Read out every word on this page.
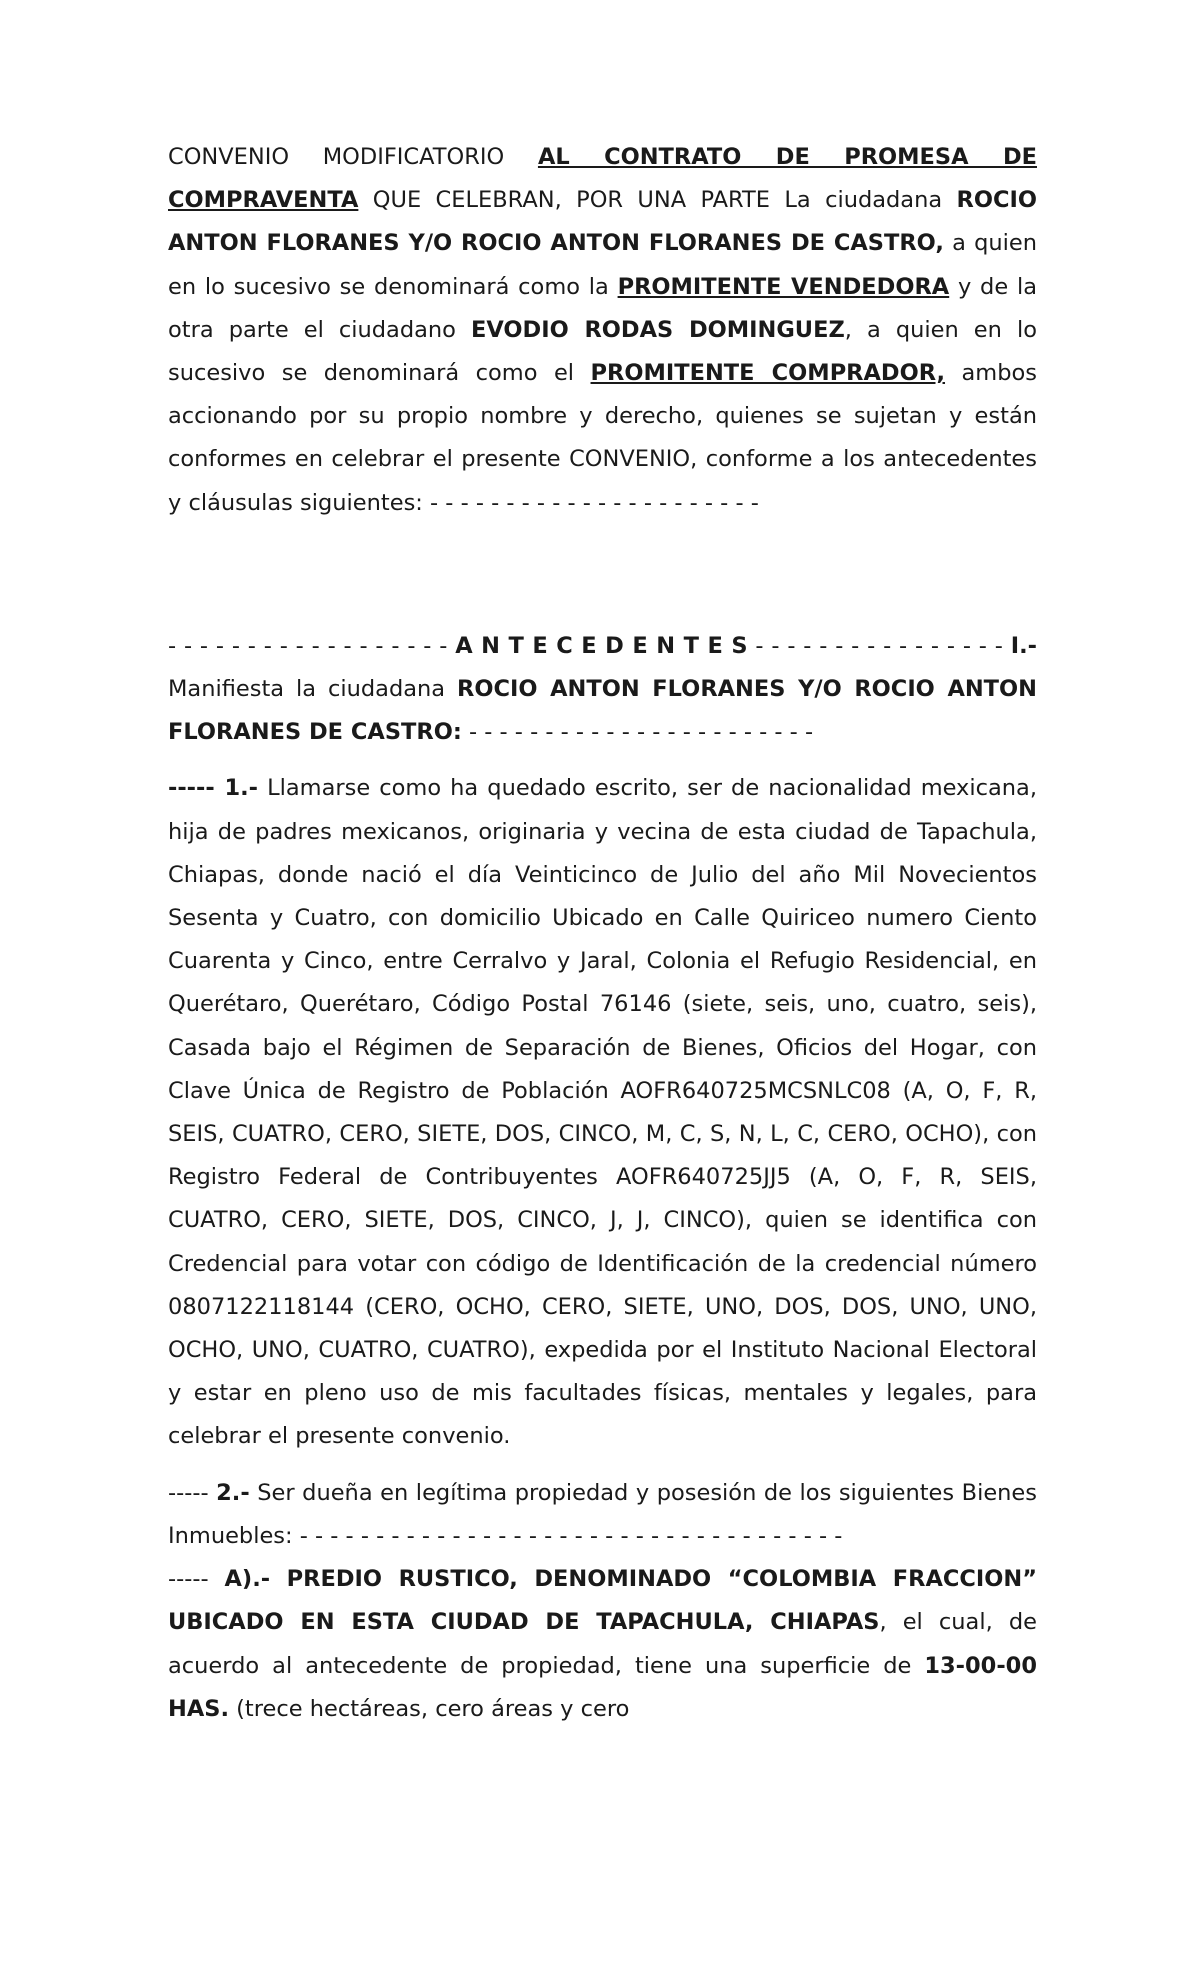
CONVENIO MODIFICATORIO AL CONTRATO DE PROMESA DE COMPRAVENTA QUE CELEBRAN, POR UNA PARTE La ciudadana ROCIO ANTON FLORANES Y/O ROCIO ANTON FLORANES DE CASTRO, a quien en lo sucesivo se denominará como la PROMITENTE VENDEDORA y de la otra parte el ciudadano EVODIO RODAS DOMINGUEZ, a quien en lo sucesivo se denominará como el PROMITENTE COMPRADOR, ambos accionando por su propio nombre y derecho, quienes se sujetan y están conformes en celebrar el presente CONVENIO, conforme a los antecedentes y cláusulas siguientes: - - - - - - - - - - - - - - - - - - - - - -

- - - - - - - - - - - - - - - - - - A N T E C E D E N T E S - - - - - - - - - - - - - - - - I.- Manifiesta la ciudadana ROCIO ANTON FLORANES Y/O ROCIO ANTON FLORANES DE CASTRO: - - - - - - - - - - - - - - - - - - - - - - -

----- 1.- Llamarse como ha quedado escrito, ser de nacionalidad mexicana, hija de padres mexicanos, originaria y vecina de esta ciudad de Tapachula, Chiapas, donde nació el día Veinticinco de Julio del año Mil Novecientos Sesenta y Cuatro, con domicilio Ubicado en Calle Quiriceo numero Ciento Cuarenta y Cinco, entre Cerralvo y Jaral, Colonia el Refugio Residencial, en Querétaro, Querétaro, Código Postal 76146 (siete, seis, uno, cuatro, seis), Casada bajo el Régimen de Separación de Bienes, Oficios del Hogar, con Clave Única de Registro de Población AOFR640725MCSNLC08 (A, O, F, R, SEIS, CUATRO, CERO, SIETE, DOS, CINCO, M, C, S, N, L, C, CERO, OCHO), con Registro Federal de Contribuyentes AOFR640725JJ5 (A, O, F, R, SEIS, CUATRO, CERO, SIETE, DOS, CINCO, J, J, CINCO), quien se identifica con Credencial para votar con código de Identificación de la credencial número 0807122118144 (CERO, OCHO, CERO, SIETE, UNO, DOS, DOS, UNO, UNO, OCHO, UNO, CUATRO, CUATRO), expedida por el Instituto Nacional Electoral y estar en pleno uso de mis facultades físicas, mentales y legales, para celebrar el presente convenio.

----- 2.- Ser dueña en legítima propiedad y posesión de los siguientes Bienes Inmuebles: - - - - - - - - - - - - - - - - - - - - - - - - - - - - - - - - - - - -

----- A).- PREDIO RUSTICO, DENOMINADO “COLOMBIA FRACCION” UBICADO EN ESTA CIUDAD DE TAPACHULA, CHIAPAS, el cual, de acuerdo al antecedente de propiedad, tiene una superficie de 13-00-00 HAS. (trece hectáreas, cero áreas y cero
